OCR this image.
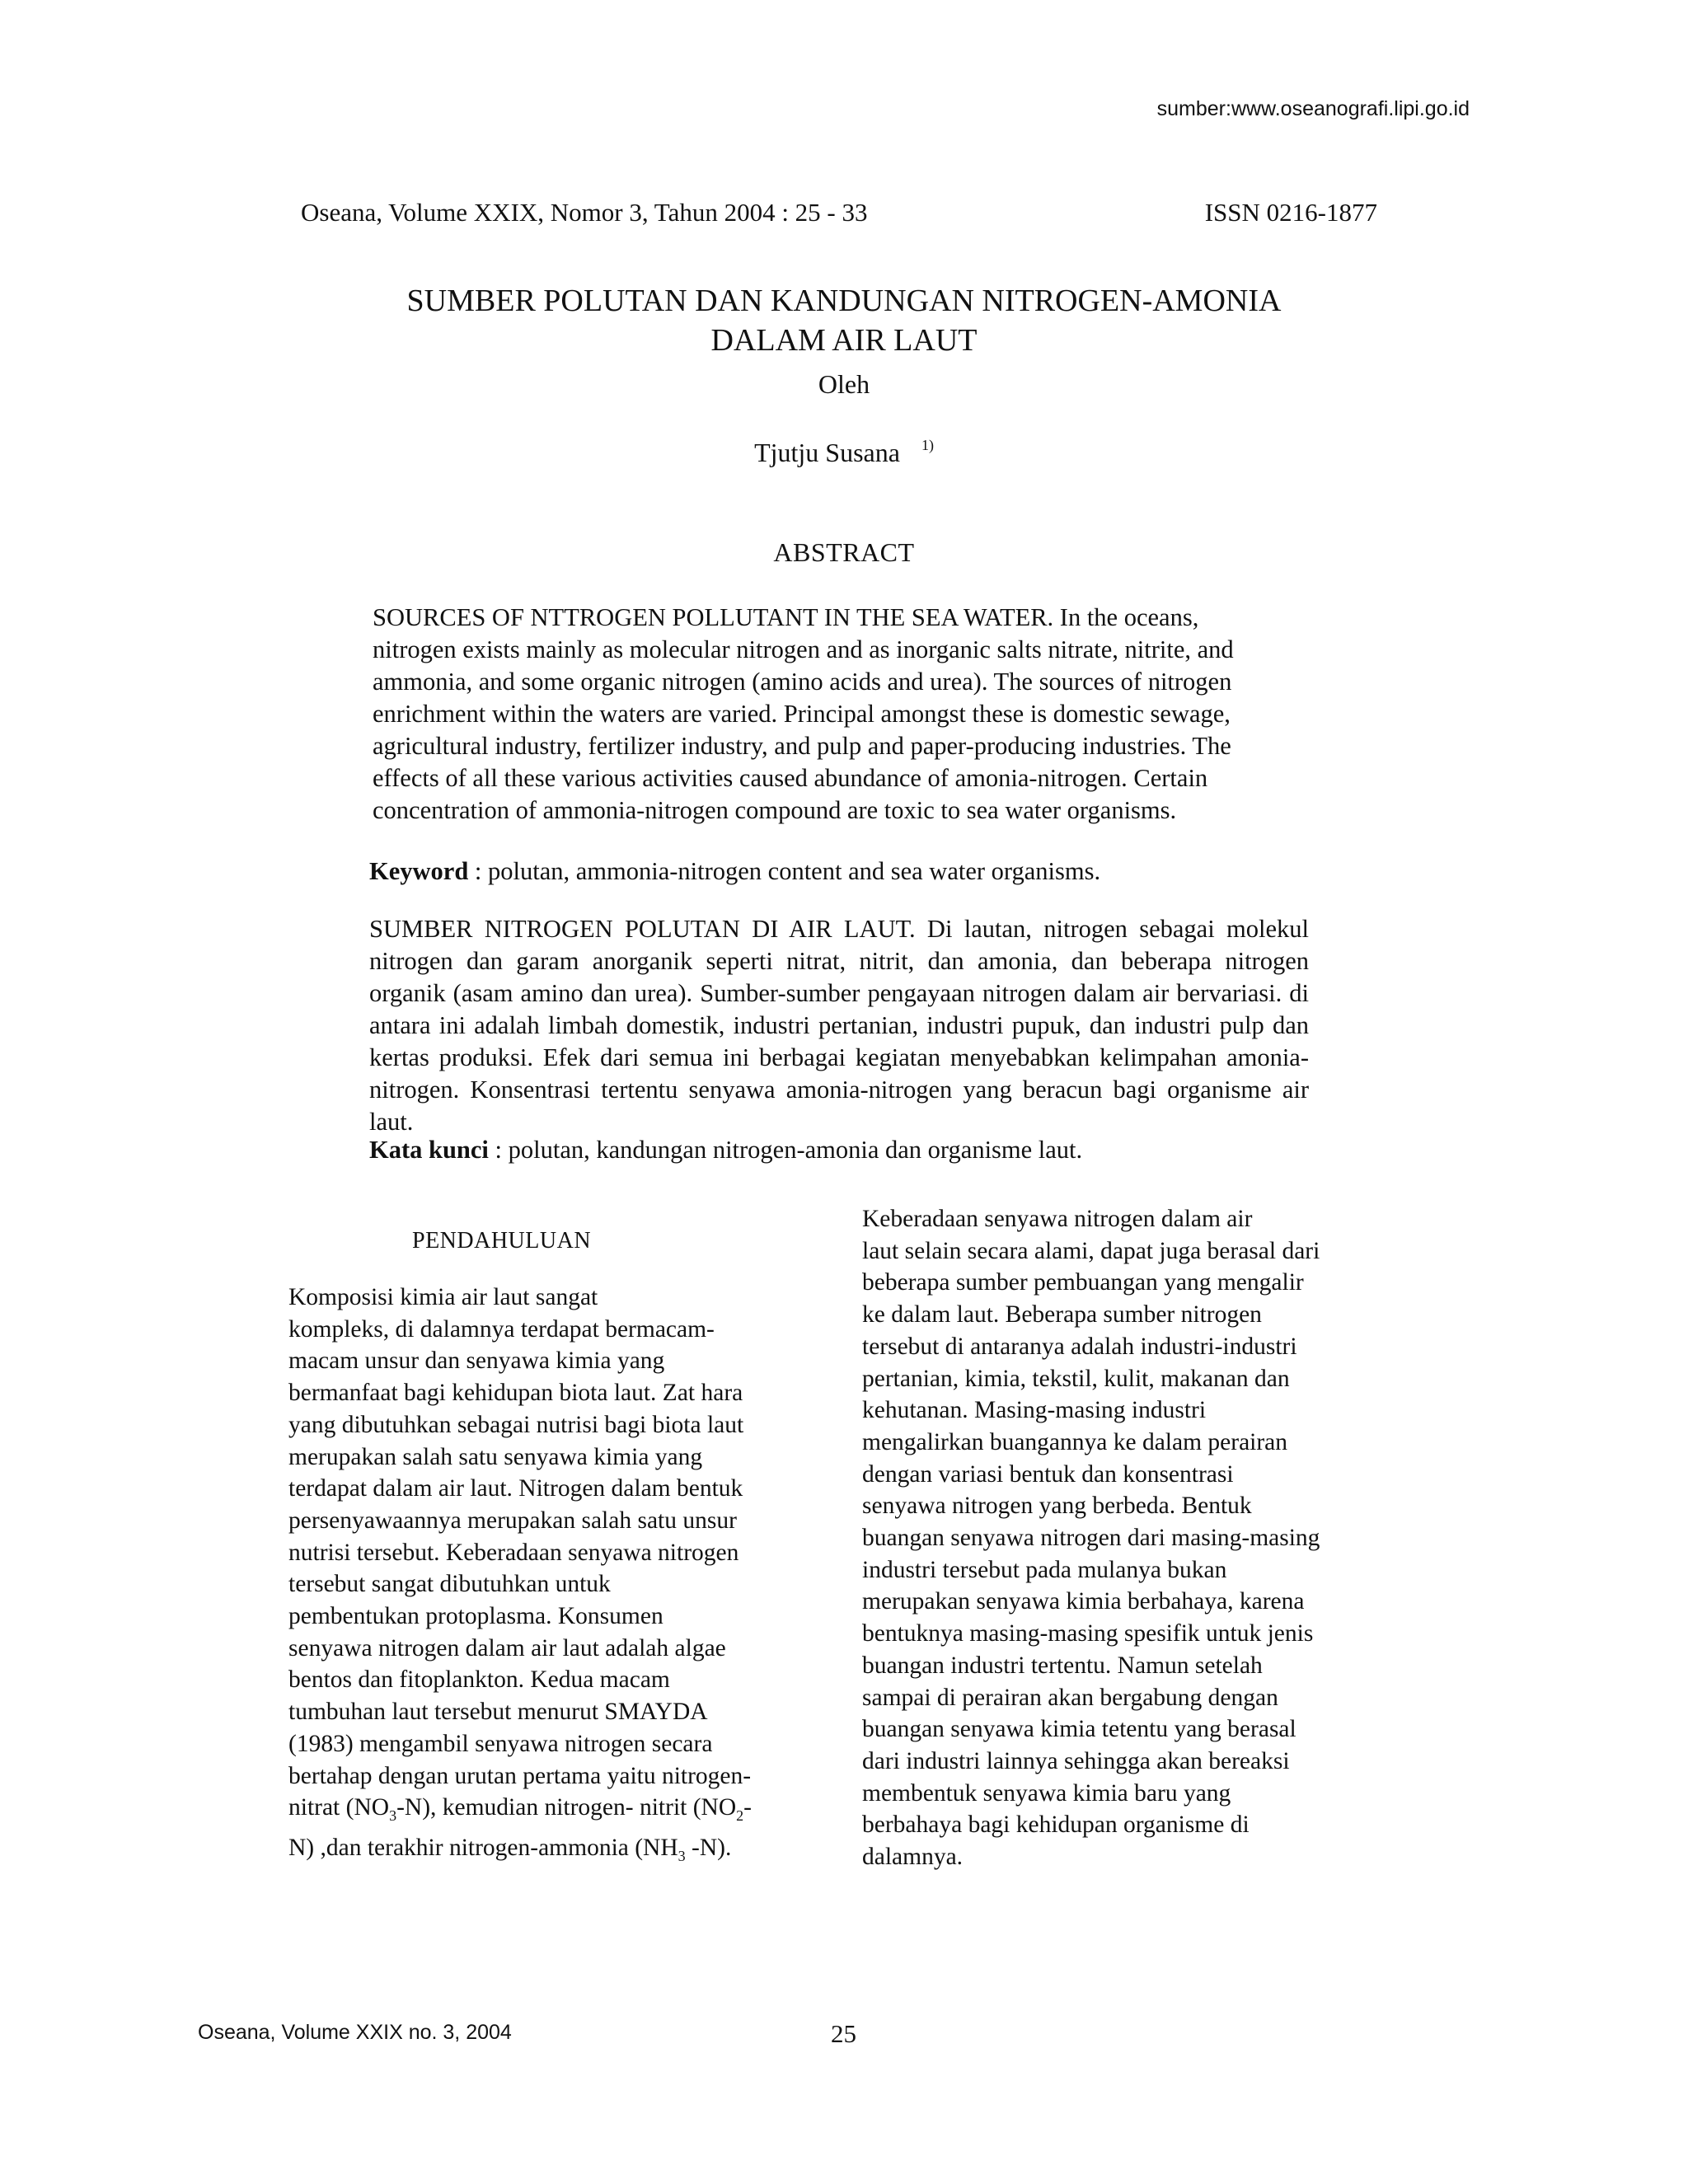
sumber:www.oseanografi.lipi.go.id
Oseana, Volume XXIX, Nomor 3, Tahun 2004 : 25 - 33	ISSN 0216-1877
SUMBER POLUTAN DAN KANDUNGAN NITROGEN-AMONIA
DALAM AIR LAUT
Oleh
Tjutju Susana $^{1)}$
ABSTRACT

SOURCES OF NTTROGEN POLLUTANT IN THE SEA WATER. In the oceans, nitrogen exists mainly as molecular nitrogen and as inorganic salts nitrate, nitrite, and ammonia, and some organic nitrogen (amino acids and urea). The sources of nitrogen enrichment within the waters are varied. Principal amongst these is domestic sewage, agricultural industry, fertilizer industry, and pulp and paper-producing industries. The effects of all these various activities caused abundance of amonia-nitrogen. Certain concentration of ammonia-nitrogen compound are toxic to sea water organisms.

Keyword : polutan, ammonia-nitrogen content and sea water organisms.

SUMBER NITROGEN POLUTAN DI AIR LAUT. Di lautan, nitrogen sebagai molekul nitrogen dan garam anorganik seperti nitrat, nitrit, dan amonia, dan beberapa nitrogen organik (asam amino dan urea). Sumber-sumber pengayaan nitrogen dalam air bervariasi. di antara ini adalah limbah domestik, industri pertanian, industri pupuk, dan industri pulp dan kertas produksi. Efek dari semua ini berbagai kegiatan menyebabkan kelimpahan amonia-nitrogen. Konsentrasi tertentu senyawa amonia-nitrogen yang beracun bagi organisme air laut.

Kata kunci : polutan, kandungan nitrogen-amonia dan organisme laut.
PENDAHULUAN
Komposisi kimia air laut sangat
kompleks, di dalamnya terdapat bermacam-
macam unsur dan senyawa kimia yang
bermanfaat bagi kehidupan biota laut. Zat hara
yang dibutuhkan sebagai nutrisi bagi biota laut
merupakan salah satu senyawa kimia yang
terdapat dalam air laut. Nitrogen dalam bentuk
persenyawaannya merupakan salah satu unsur
nutrisi tersebut. Keberadaan senyawa nitrogen
tersebut sangat dibutuhkan untuk
pembentukan protoplasma. Konsumen
senyawa nitrogen dalam air laut adalah algae
bentos dan fitoplankton. Kedua macam
tumbuhan laut tersebut menurut SMAYDA
(1983) mengambil senyawa nitrogen secara
bertahap dengan urutan pertama yaitu nitrogen-
nitrat $(NO_3-N)$, kemudian nitrogen- nitrit ($NO_2-$
N) ,dan terakhir nitrogen-ammonia ($NH_3$ -N).
Keberadaan senyawa nitrogen dalam air
laut selain secara alami, dapat juga berasal dari
beberapa sumber pembuangan yang mengalir
ke dalam laut. Beberapa sumber nitrogen
tersebut di antaranya adalah industri-industri
pertanian, kimia, tekstil, kulit, makanan dan
kehutanan. Masing-masing industri
mengalirkan buangannya ke dalam perairan
dengan variasi bentuk dan konsentrasi
senyawa nitrogen yang berbeda. Bentuk
buangan senyawa nitrogen dari masing-masing
industri tersebut pada mulanya bukan
merupakan senyawa kimia berbahaya, karena
bentuknya masing-masing spesifik untuk jenis
buangan industri tertentu. Namun setelah
sampai di perairan akan bergabung dengan
buangan senyawa kimia tetentu yang berasal
dari industri lainnya sehingga akan bereaksi
membentuk senyawa kimia baru yang
berbahaya bagi kehidupan organisme di
dalamnya.
Oseana, Volume XXIX no. 3, 2004	25
